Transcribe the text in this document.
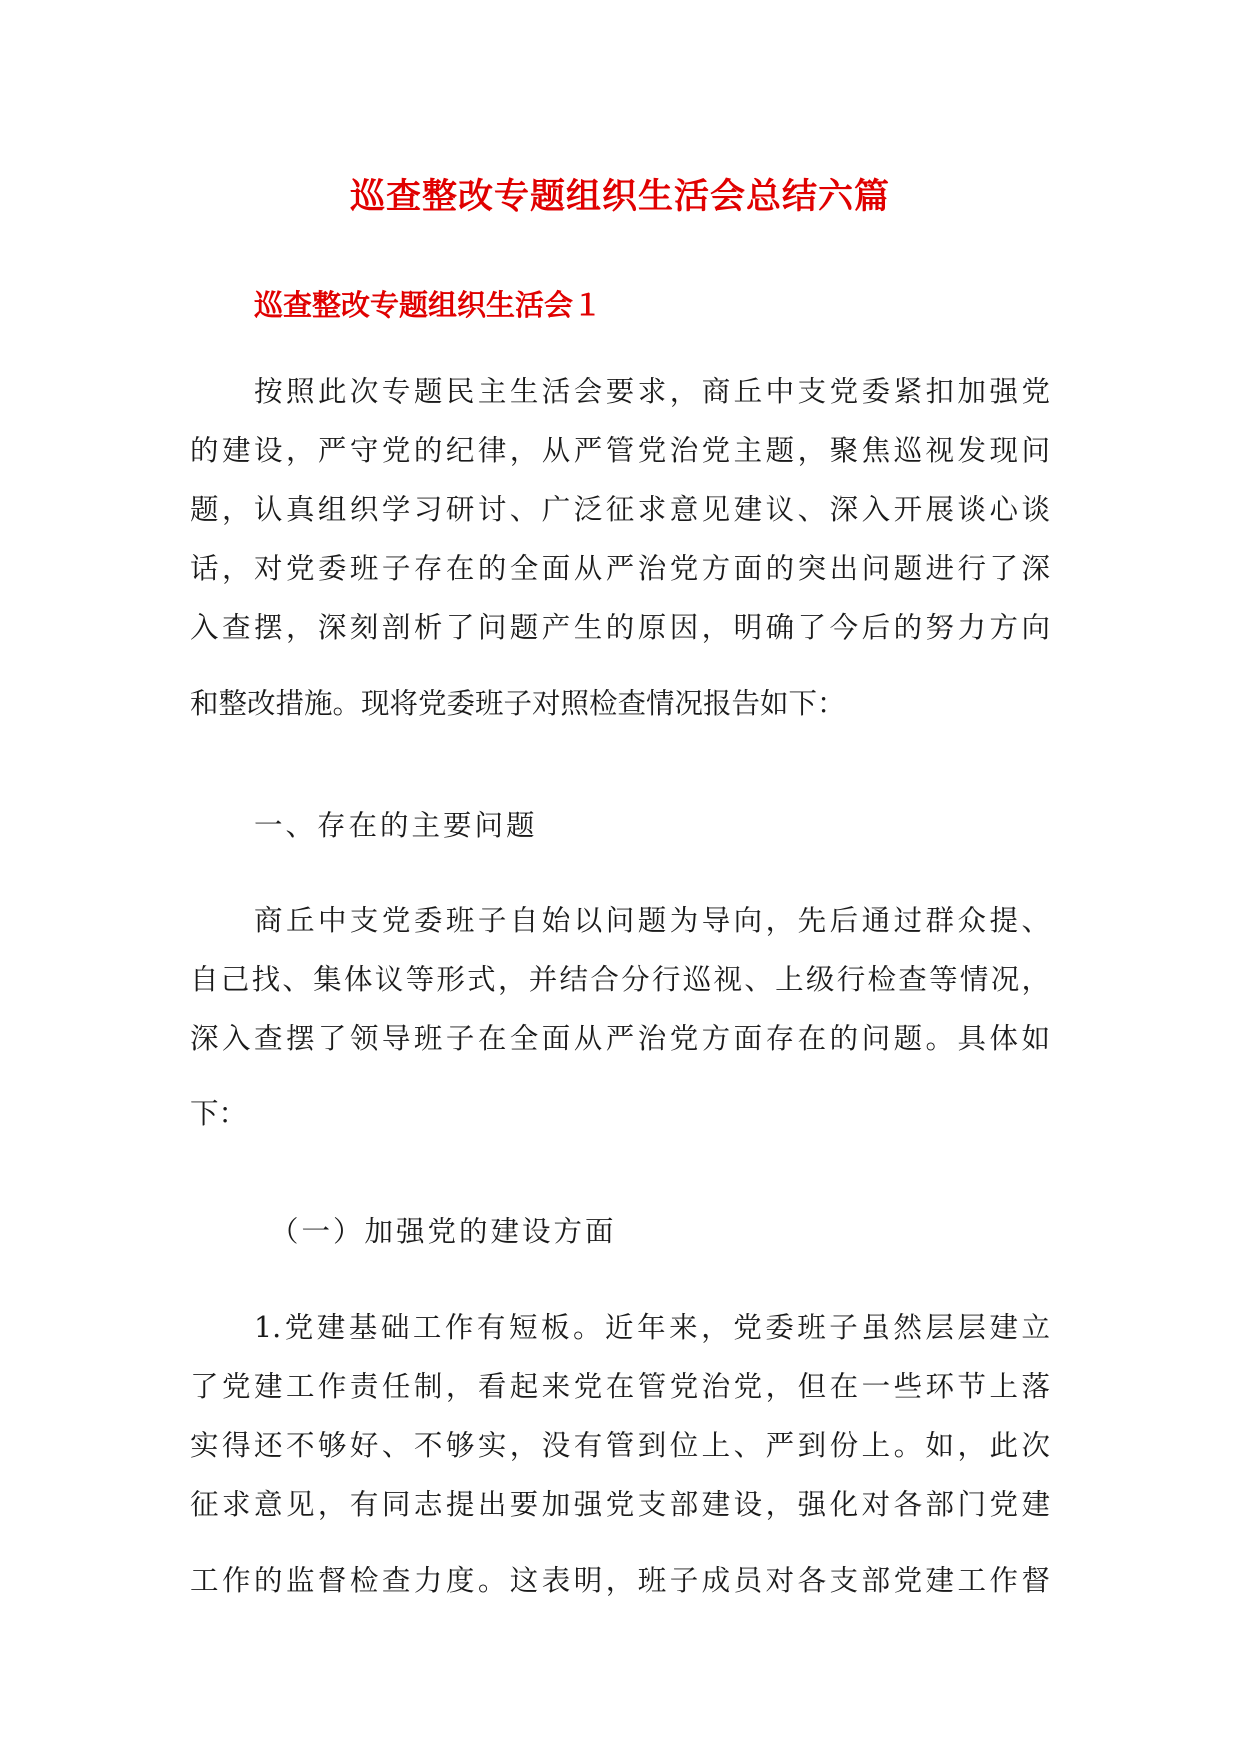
巡查整改专题组织生活会总结六篇
巡查整改专题组织生活会１
按照此次专题民主生活会要求，商丘中支党委紧扣加强党
的建设，严守党的纪律，从严管党治党主题，聚焦巡视发现问
题，认真组织学习研讨、广泛征求意见建议、深入开展谈心谈
话，对党委班子存在的全面从严治党方面的突出问题进行了深
入查摆，深刻剖析了问题产生的原因，明确了今后的努力方向
和整改措施。现将党委班子对照检查情况报告如下：
一、存在的主要问题
商丘中支党委班子自始以问题为导向，先后通过群众提、
自己找、集体议等形式，并结合分行巡视、上级行检查等情况，
深入查摆了领导班子在全面从严治党方面存在的问题。具体如
下：
（一）加强党的建设方面
1.党建基础工作有短板。近年来，党委班子虽然层层建立
了党建工作责任制，看起来党在管党治党，但在一些环节上落
实得还不够好、不够实，没有管到位上、严到份上。如，此次
征求意见，有同志提出要加强党支部建设，强化对各部门党建
工作的监督检查力度。这表明，班子成员对各支部党建工作督
